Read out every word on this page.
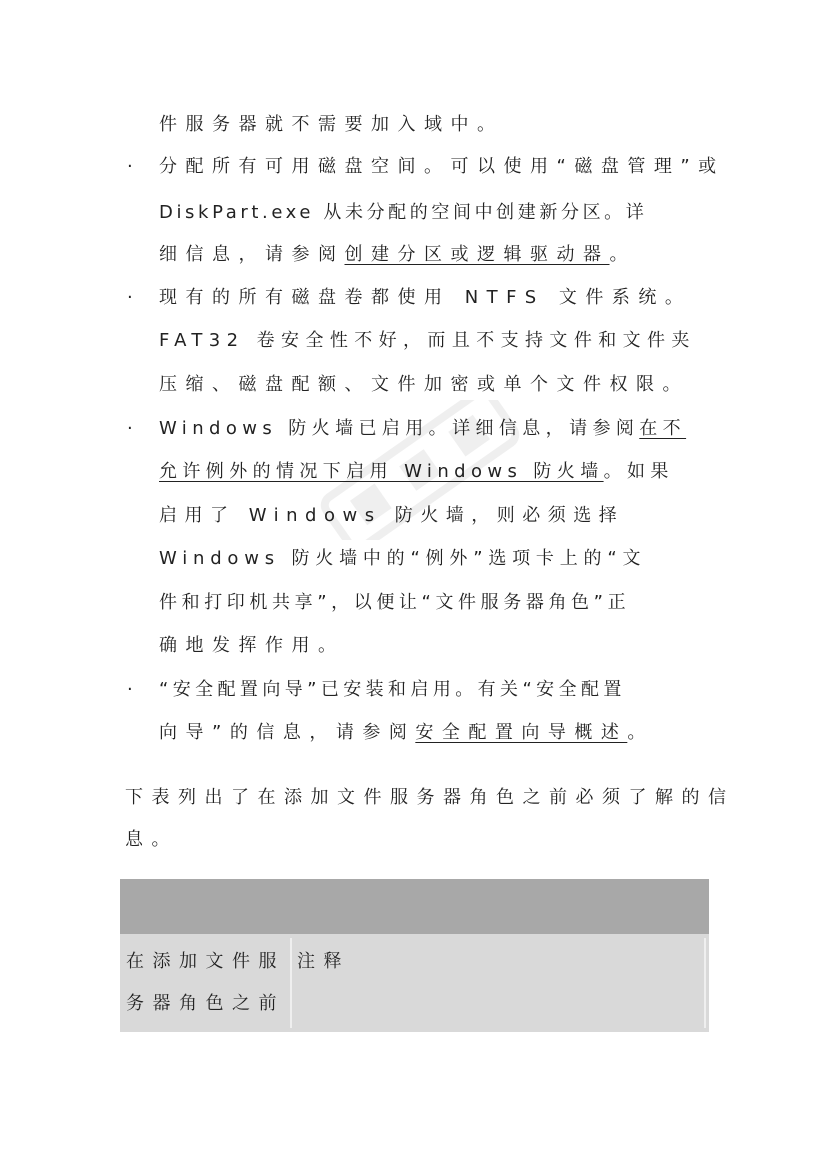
件服务器就不需要加入域中。
· 分配所有可用磁盘空间。可以使用“磁盘管理”或
DiskPart.exe 从未分配的空间中创建新分区。详
细信息，请参阅创建分区或逻辑驱动器。
· 现有的所有磁盘卷都使用 NTFS 文件系统。
FAT32 卷安全性不好，而且不支持文件和文件夹
压缩、磁盘配额、文件加密或单个文件权限。
· Windows 防火墙已启用。详细信息，请参阅在不
允许例外的情况下启用 Windows 防火墙。如果
启用了 Windows 防火墙，则必须选择
Windows 防火墙中的“例外”选项卡上的“文
件和打印机共享”，以便让“文件服务器角色”正
确地发挥作用。
· “安全配置向导”已安装和启用。有关“安全配置
向导”的信息，请参阅安全配置向导概述。
下表列出了在添加文件服务器角色之前必须了解的信
息。
在添加文件服
务器角色之前
注释
